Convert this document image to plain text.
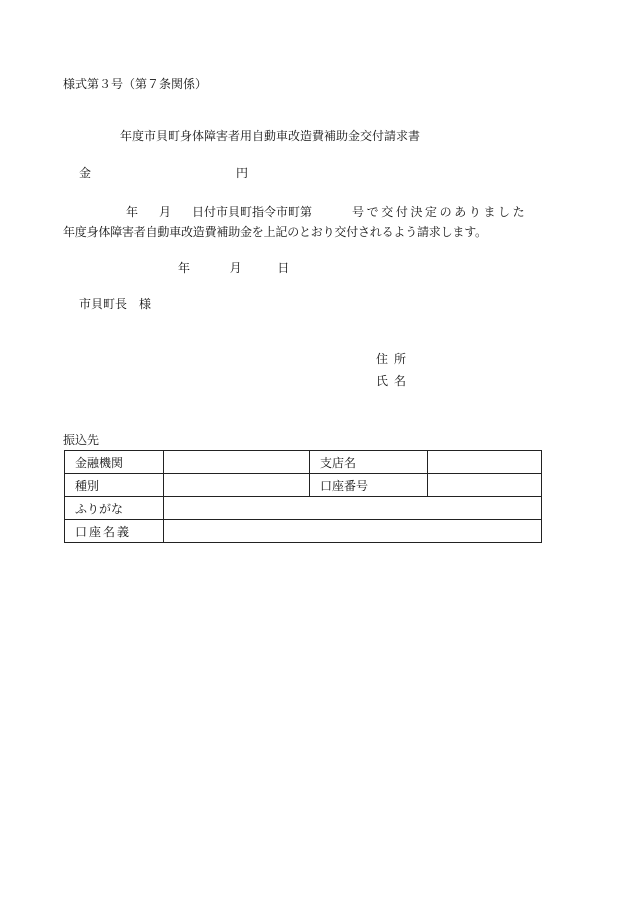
様式第３号（第７条関係）
年度市貝町身体障害者用自動車改造費補助金交付請求書
金	円
年 月 日付市貝町指令市町第	号で交付決定のありました
年度身体障害者自動車改造費補助金を上記のとおり交付されるよう請求します。
年	月	日
市貝町長　様
住所
氏名
振込先
金融機関		支店名	
種別		口座番号	
ふりがな			
口座名義			
